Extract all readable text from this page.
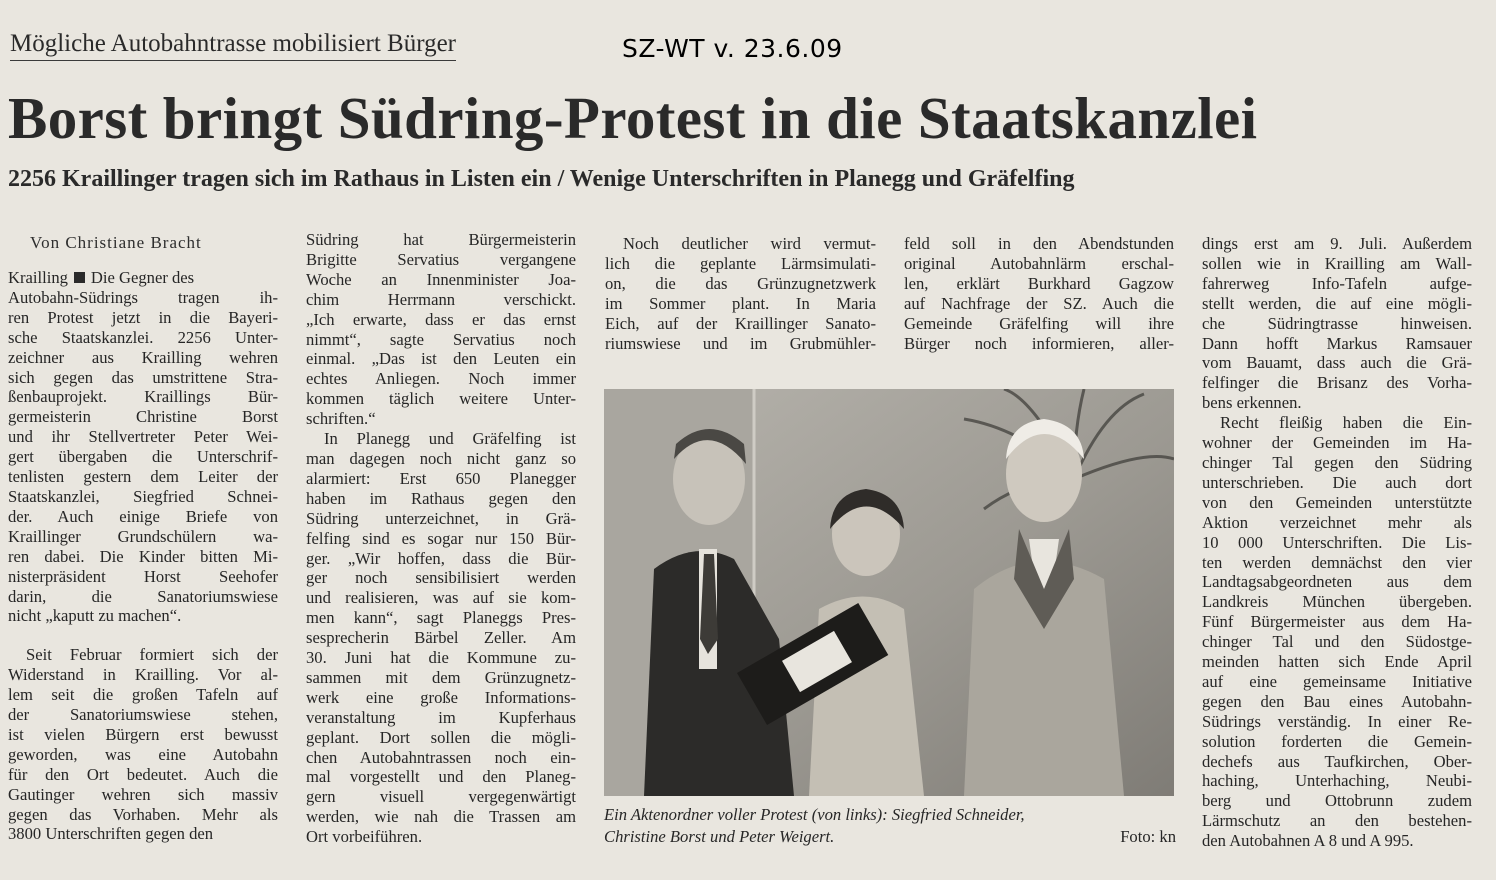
Mögliche Autobahntrasse mobilisiert Bürger	SZ-WT v. 23.6.09
Borst bringt Südring-Protest in die Staatskanzlei
2256 Kraillinger tragen sich im Rathaus in Listen ein / Wenige Unterschriften in Planegg und Gräfelfing
Von Christiane Bracht
Krailling Die Gegner des
Autobahn-Südrings tragen ih-
ren Protest jetzt in die Bayeri-
sche Staatskanzlei. 2256 Unter-
zeichner aus Krailling wehren
sich gegen das umstrittene Stra-
ßenbauprojekt. Kraillings Bür-
germeisterin Christine Borst
und ihr Stellvertreter Peter Wei-
gert übergaben die Unterschrif-
tenlisten gestern dem Leiter der
Staatskanzlei, Siegfried Schnei-
der. Auch einige Briefe von
Kraillinger Grundschülern wa-
ren dabei. Die Kinder bitten Mi-
nisterpräsident Horst Seehofer
darin, die Sanatoriumswiese
nicht „kaputt zu machen“.
Seit Februar formiert sich der
Widerstand in Krailling. Vor al-
lem seit die großen Tafeln auf
der Sanatoriumswiese stehen,
ist vielen Bürgern erst bewusst
geworden, was eine Autobahn
für den Ort bedeutet. Auch die
Gautinger wehren sich massiv
gegen das Vorhaben. Mehr als
3800 Unterschriften gegen den
Südring hat Bürgermeisterin
Brigitte Servatius vergangene
Woche an Innenminister Joa-
chim Herrmann verschickt.
„Ich erwarte, dass er das ernst
nimmt“, sagte Servatius noch
einmal. „Das ist den Leuten ein
echtes Anliegen. Noch immer
kommen täglich weitere Unter-
schriften.“
In Planegg und Gräfelfing ist
man dagegen noch nicht ganz so
alarmiert: Erst 650 Planegger
haben im Rathaus gegen den
Südring unterzeichnet, in Grä-
felfing sind es sogar nur 150 Bür-
ger. „Wir hoffen, dass die Bür-
ger noch sensibilisiert werden
und realisieren, was auf sie kom-
men kann“, sagt Planeggs Pres-
sesprecherin Bärbel Zeller. Am
30. Juni hat die Kommune zu-
sammen mit dem Grünzugnetz-
werk eine große Informations-
veranstaltung im Kupferhaus
geplant. Dort sollen die mögli-
chen Autobahntrassen noch ein-
mal vorgestellt und den Planeg-
gern visuell vergegenwärtigt
werden, wie nah die Trassen am
Ort vorbeiführen.
Noch deutlicher wird vermut-
lich die geplante Lärmsimulati-
on, die das Grünzugnetzwerk
im Sommer plant. In Maria
Eich, auf der Kraillinger Sanato-
riumswiese und im Grubmühler-
feld soll in den Abendstunden
original Autobahnlärm erschal-
len, erklärt Burkhard Gagzow
auf Nachfrage der SZ. Auch die
Gemeinde Gräfelfing will ihre
Bürger noch informieren, aller-
dings erst am 9. Juli. Außerdem
sollen wie in Krailling am Wall-
fahrerweg Info-Tafeln aufge-
stellt werden, die auf eine mögli-
che Südringtrasse hinweisen.
Dann hofft Markus Ramsauer
vom Bauamt, dass auch die Grä-
felfinger die Brisanz des Vorha-
bens erkennen.
Recht fleißig haben die Ein-
wohner der Gemeinden im Ha-
chinger Tal gegen den Südring
unterschrieben. Die auch dort
von den Gemeinden unterstützte
Aktion verzeichnet mehr als
10 000 Unterschriften. Die Lis-
ten werden demnächst den vier
Landtagsabgeordneten aus dem
Landkreis München übergeben.
Fünf Bürgermeister aus dem Ha-
chinger Tal und den Südostge-
meinden hatten sich Ende April
auf eine gemeinsame Initiative
gegen den Bau eines Autobahn-
Südrings verständig. In einer Re-
solution forderten die Gemein-
dechefs aus Taufkirchen, Ober-
haching, Unterhaching, Neubi-
berg und Ottobrunn zudem
Lärmschutz an den bestehen-
den Autobahnen A 8 und A 995.
Ein Aktenordner voller Protest (von links): Siegfried Schneider,
Christine Borst und Peter Weigert.	Foto: kn
